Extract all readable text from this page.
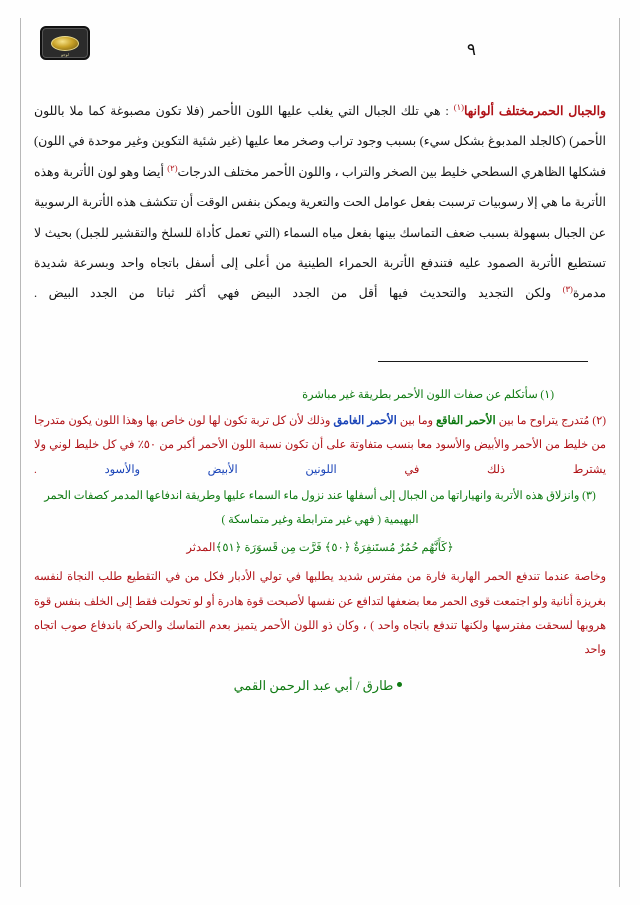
٩
لوجو
والجبال الحمرمختلف ألوانها$^{(١)}$ : هي تلك الجبال التي يغلب عليها اللون الأحمر (فلا تكون مصبوغة كما ملا باللون الأحمر) (كالجلد المدبوغ بشكل سيء) بسبب وجود تراب وصخر معا عليها (غير شئية التكوين وغير موحدة في اللون) فشكلها الظاهري السطحي خليط بين الصخر والتراب ، واللون الأحمر مختلف الدرجات$^{(٢)}$ أيضا وهو لون الأتربة وهذه الأتربة ما هي إلا رسوبيات ترسبت بفعل عوامل الحت والتعرية ويمكن بنفس الوقت أن تتكشف هذه الأتربة الرسوبية عن الجبال بسهولة بسبب ضعف التماسك بينها بفعل مياه السماء (التي تعمل كأداة للسلخ والتقشير للجبل) بحيث لا تستطيع الأتربة الصمود عليه فتندفع الأتربة الحمراء الطينية من أعلى إلى أسفل باتجاه واحد وبسرعة شديدة مدمرة$^{(٣)}$ ولكن التجديد والتحديث فيها أقل من الجدد البيض فهي أكثر ثباتا من الجدد البيض .
(١) سأتكلم عن صفات اللون الأحمر بطريقة غير مباشرة
(٢) مُتدرج يتراوح ما بين الأحمر الفاقع وما بين الأحمر الغامق وذلك لأن كل تربة تكون لها لون خاص بها وهذا اللون يكون متدرجا من خليط من الأحمر والأبيض والأسود معا بنسب متفاوتة على أن تكون نسبة اللون الأحمر أكبر من ٥٠٪ في كل خليط لوني ولا يشترط ذلك في اللونين الأبيض والأسود .
(٣) وانزلاق هذه الأتربة وانهياراتها من الجبال إلى أسفلها عند نزول ماء السماء عليها وطريقة اندفاعها المدمر كصفات الحمر البهيمية ( فهي غير مترابطة وغير متماسكة )
﴿كَأَنَّهُم حُمُرٌ مُستَنفِرَةٌ ﴿٥٠﴾ فَرَّت مِن قَسوَرَة ﴿٥١﴾المدثر
وخاصة عندما تندفع الحمر الهاربة فارة من مفترس شديد يطلبها في تولي الأدبار فكل من في التقطيع طلب النجاة لنفسه بغريزة أنانية ولو اجتمعت قوى الحمر معا بضعفها لتدافع عن نفسها لأصبحت قوة هادرة أو لو تحولت فقط إلى الخلف بنفس قوة هروبها لسحقت مفترسها ولكنها تندفع باتجاه واحد ) ، وكان ذو اللون الأحمر يتميز بعدم التماسك والحركة باندفاع صوب اتجاه واحد
طارق / أبي عبد الرحمن القمي
